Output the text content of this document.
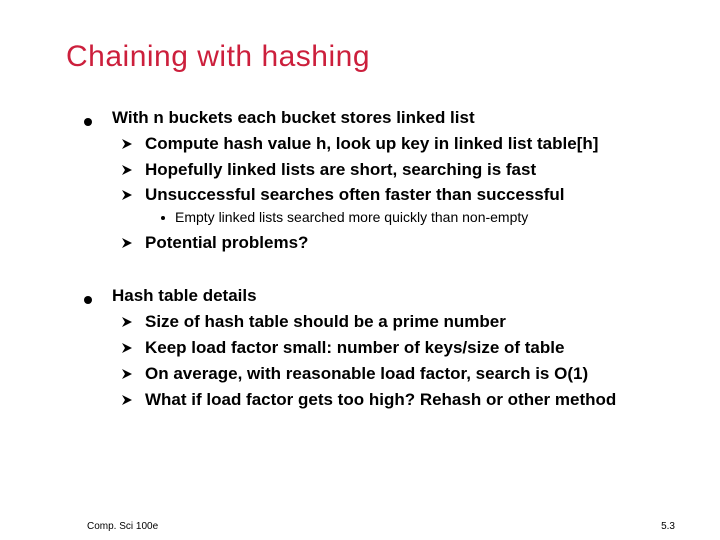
Chaining with hashing
With n buckets each bucket stores linked list
Compute hash value h, look up key in linked list table[h]
Hopefully linked lists are short, searching is fast
Unsuccessful searches often faster than successful
Empty linked lists searched more quickly than non-empty
Potential problems?
Hash table details
Size of hash table should be a prime number
Keep load factor small: number of keys/size of table
On average, with reasonable load factor, search is O(1)
What if load factor gets too high? Rehash or other method
Comp. Sci 100e	5.3
